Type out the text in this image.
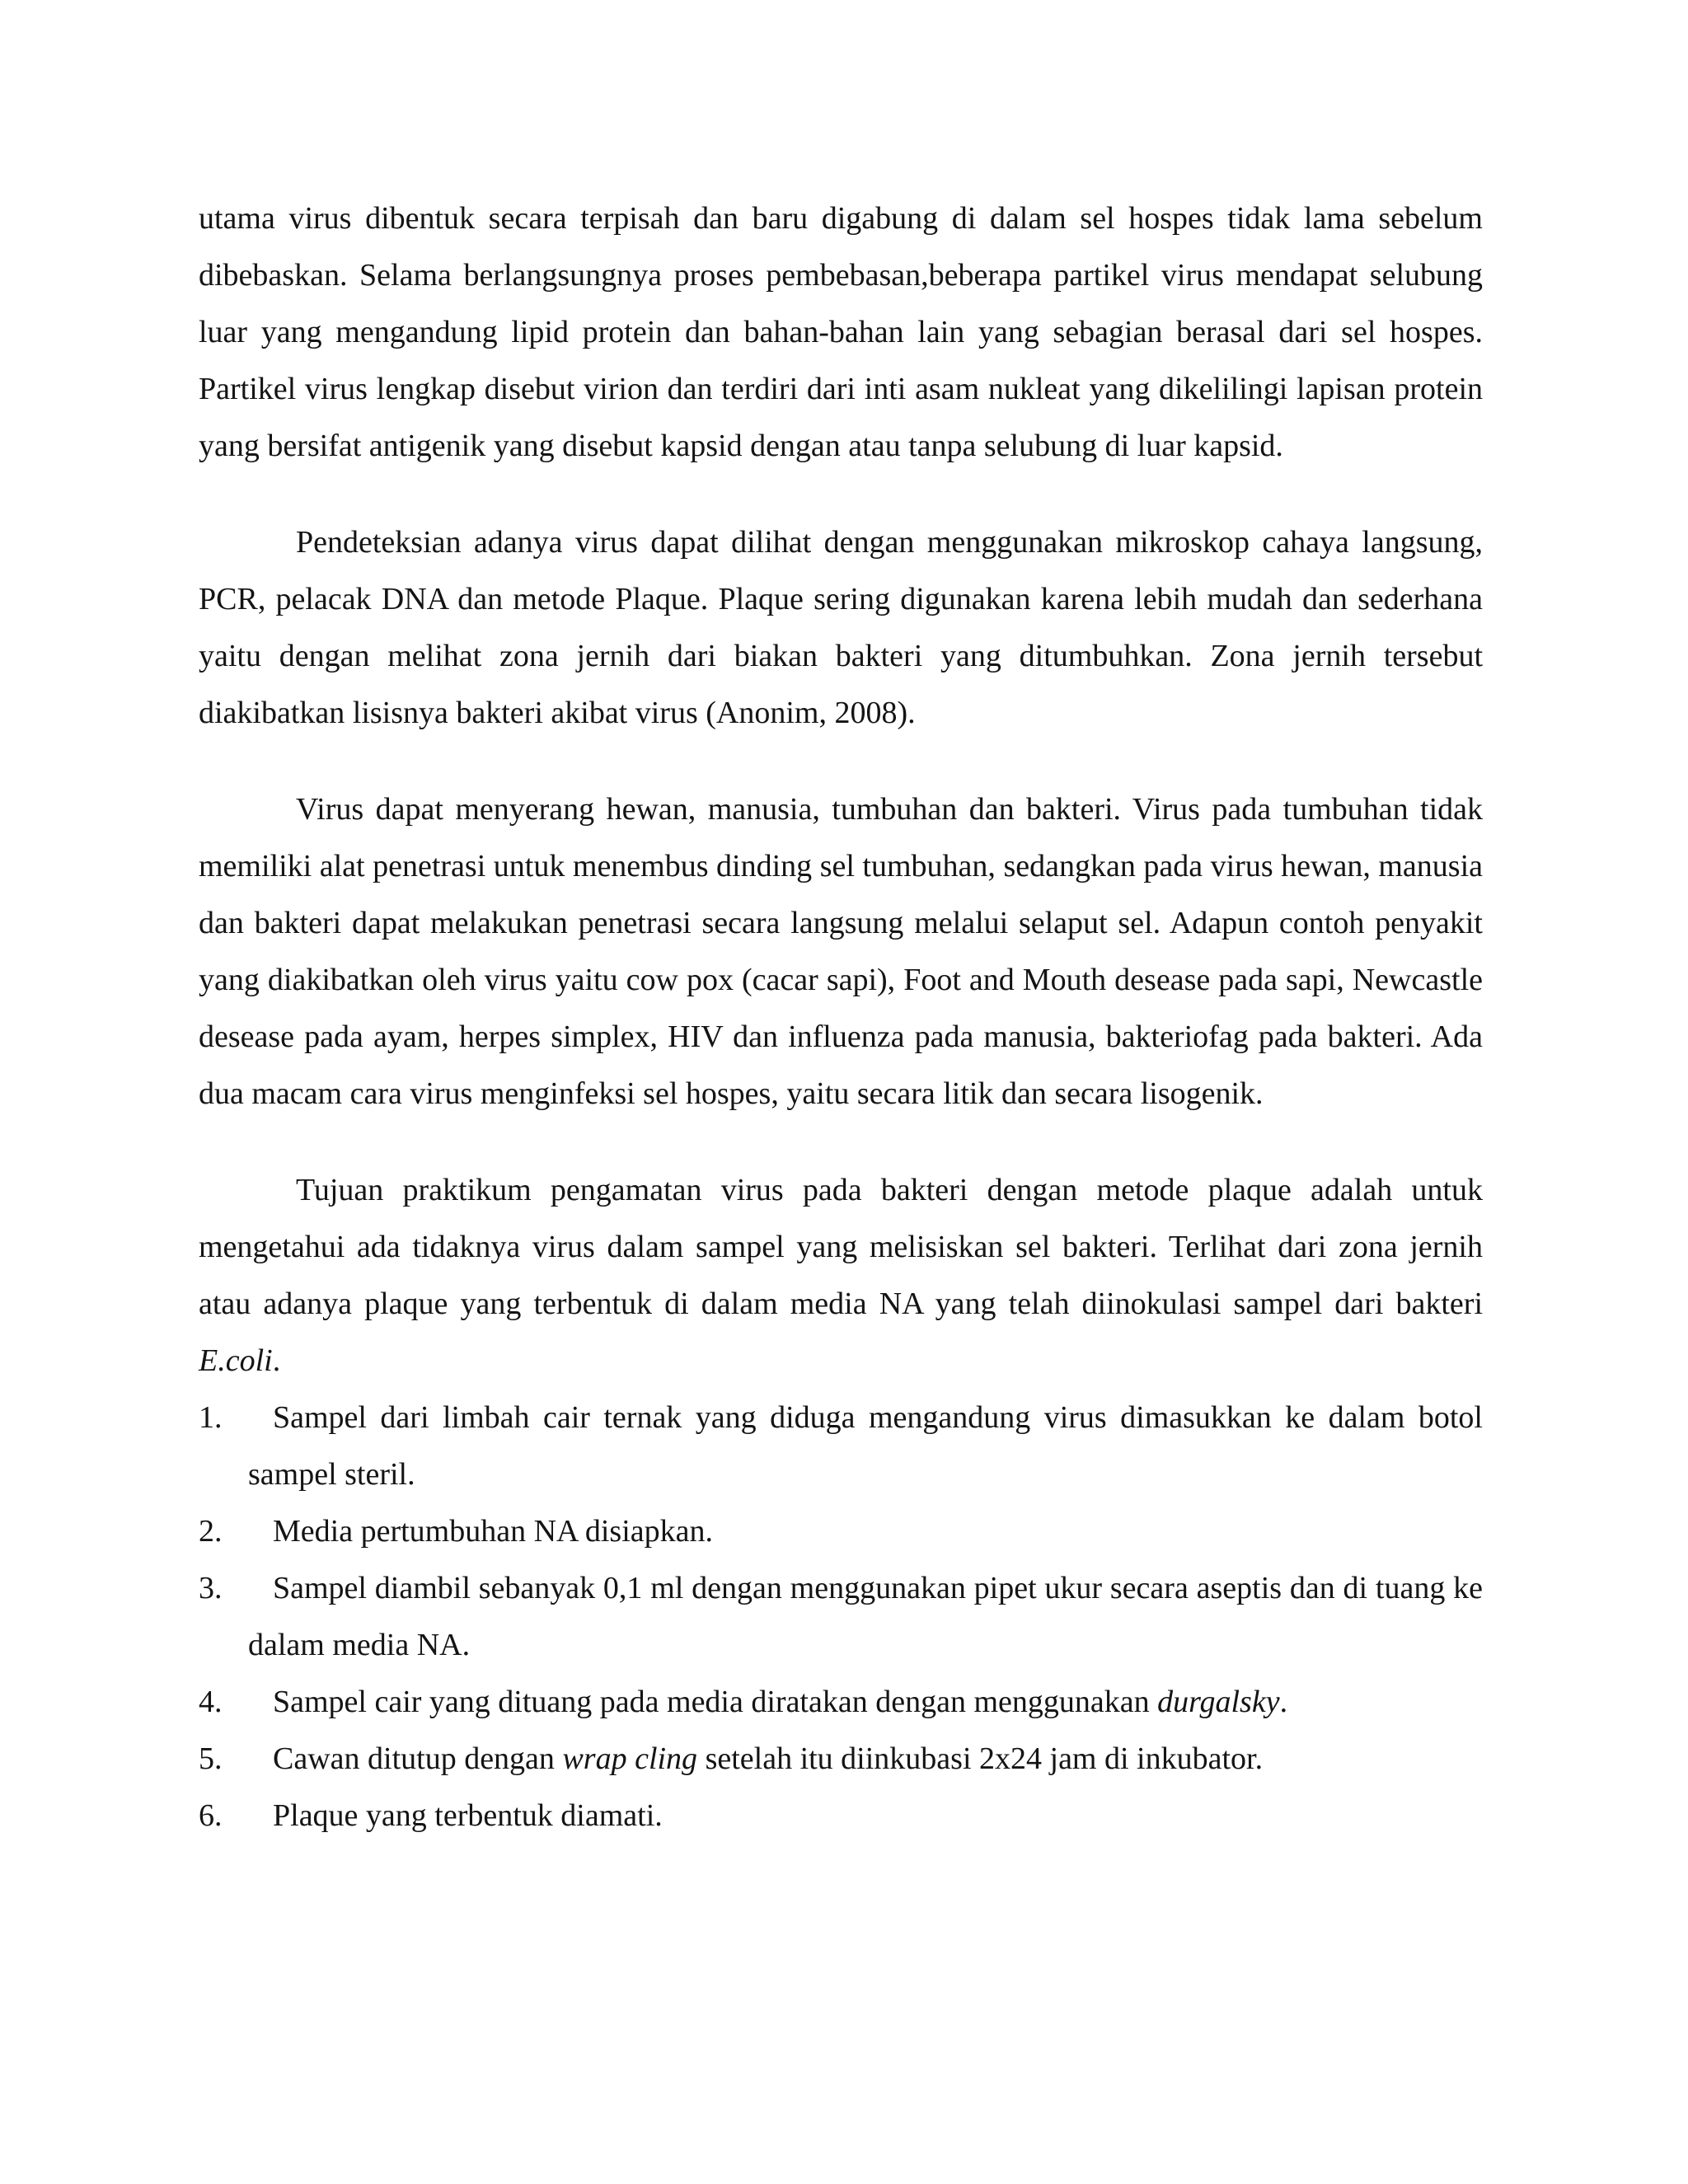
utama virus dibentuk secara terpisah dan baru digabung di dalam sel hospes tidak lama sebelum dibebaskan. Selama berlangsungnya proses pembebasan,beberapa partikel virus mendapat selubung luar yang mengandung lipid protein dan bahan-bahan lain yang sebagian berasal dari sel hospes. Partikel virus lengkap disebut virion dan terdiri dari inti asam nukleat yang dikelilingi lapisan protein yang bersifat antigenik yang disebut kapsid dengan atau tanpa selubung di luar kapsid.

Pendeteksian adanya virus dapat dilihat dengan menggunakan mikroskop cahaya langsung, PCR, pelacak DNA dan metode Plaque. Plaque sering digunakan karena lebih mudah dan sederhana yaitu dengan melihat zona jernih dari biakan bakteri yang ditumbuhkan. Zona jernih tersebut diakibatkan lisisnya bakteri akibat virus (Anonim, 2008).

Virus dapat menyerang hewan, manusia, tumbuhan dan bakteri. Virus pada tumbuhan tidak memiliki alat penetrasi untuk menembus dinding sel tumbuhan, sedangkan pada virus hewan, manusia dan bakteri dapat melakukan penetrasi secara langsung melalui selaput sel. Adapun contoh penyakit yang diakibatkan oleh virus yaitu cow pox (cacar sapi), Foot and Mouth desease pada sapi, Newcastle desease pada ayam, herpes simplex, HIV dan influenza pada manusia, bakteriofag pada bakteri. Ada dua macam cara virus menginfeksi sel hospes, yaitu secara litik dan secara lisogenik.

Tujuan praktikum pengamatan virus pada bakteri dengan metode plaque adalah untuk mengetahui ada tidaknya virus dalam sampel yang melisiskan sel bakteri. Terlihat dari zona jernih atau adanya plaque yang terbentuk di dalam media NA yang telah diinokulasi sampel dari bakteri E.coli.

1. Sampel dari limbah cair ternak yang diduga mengandung virus dimasukkan ke dalam botol sampel steril.
2. Media pertumbuhan NA disiapkan.
3. Sampel diambil sebanyak 0,1 ml dengan menggunakan pipet ukur secara aseptis dan di tuang ke dalam media NA.
4. Sampel cair yang dituang pada media diratakan dengan menggunakan durgalsky.
5. Cawan ditutup dengan wrap cling setelah itu diinkubasi 2x24 jam di inkubator.
6. Plaque yang terbentuk diamati.
